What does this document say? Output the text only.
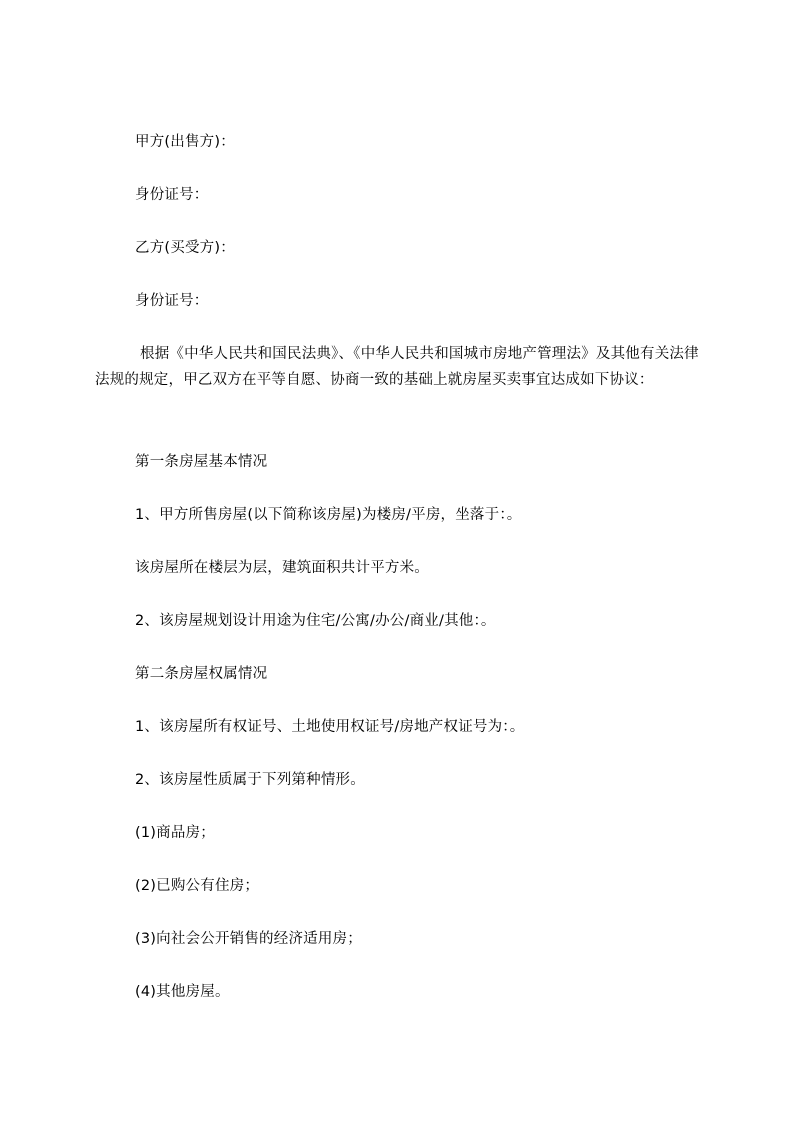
甲方(出售方)：
身份证号：
乙方(买受方)：
身份证号：
根据《中华人民共和国民法典》、《中华人民共和国城市房地产管理法》及其他有关法律法规的规定，甲乙双方在平等自愿、协商一致的基础上就房屋买卖事宜达成如下协议：
第一条房屋基本情况
1、甲方所售房屋(以下简称该房屋)为楼房/平房，坐落于：。
该房屋所在楼层为层，建筑面积共计平方米。
2、该房屋规划设计用途为住宅/公寓/办公/商业/其他：。
第二条房屋权属情况
1、该房屋所有权证号、土地使用权证号/房地产权证号为：。
2、该房屋性质属于下列第种情形。
(1)商品房；
(2)已购公有住房；
(3)向社会公开销售的经济适用房；
(4)其他房屋。
